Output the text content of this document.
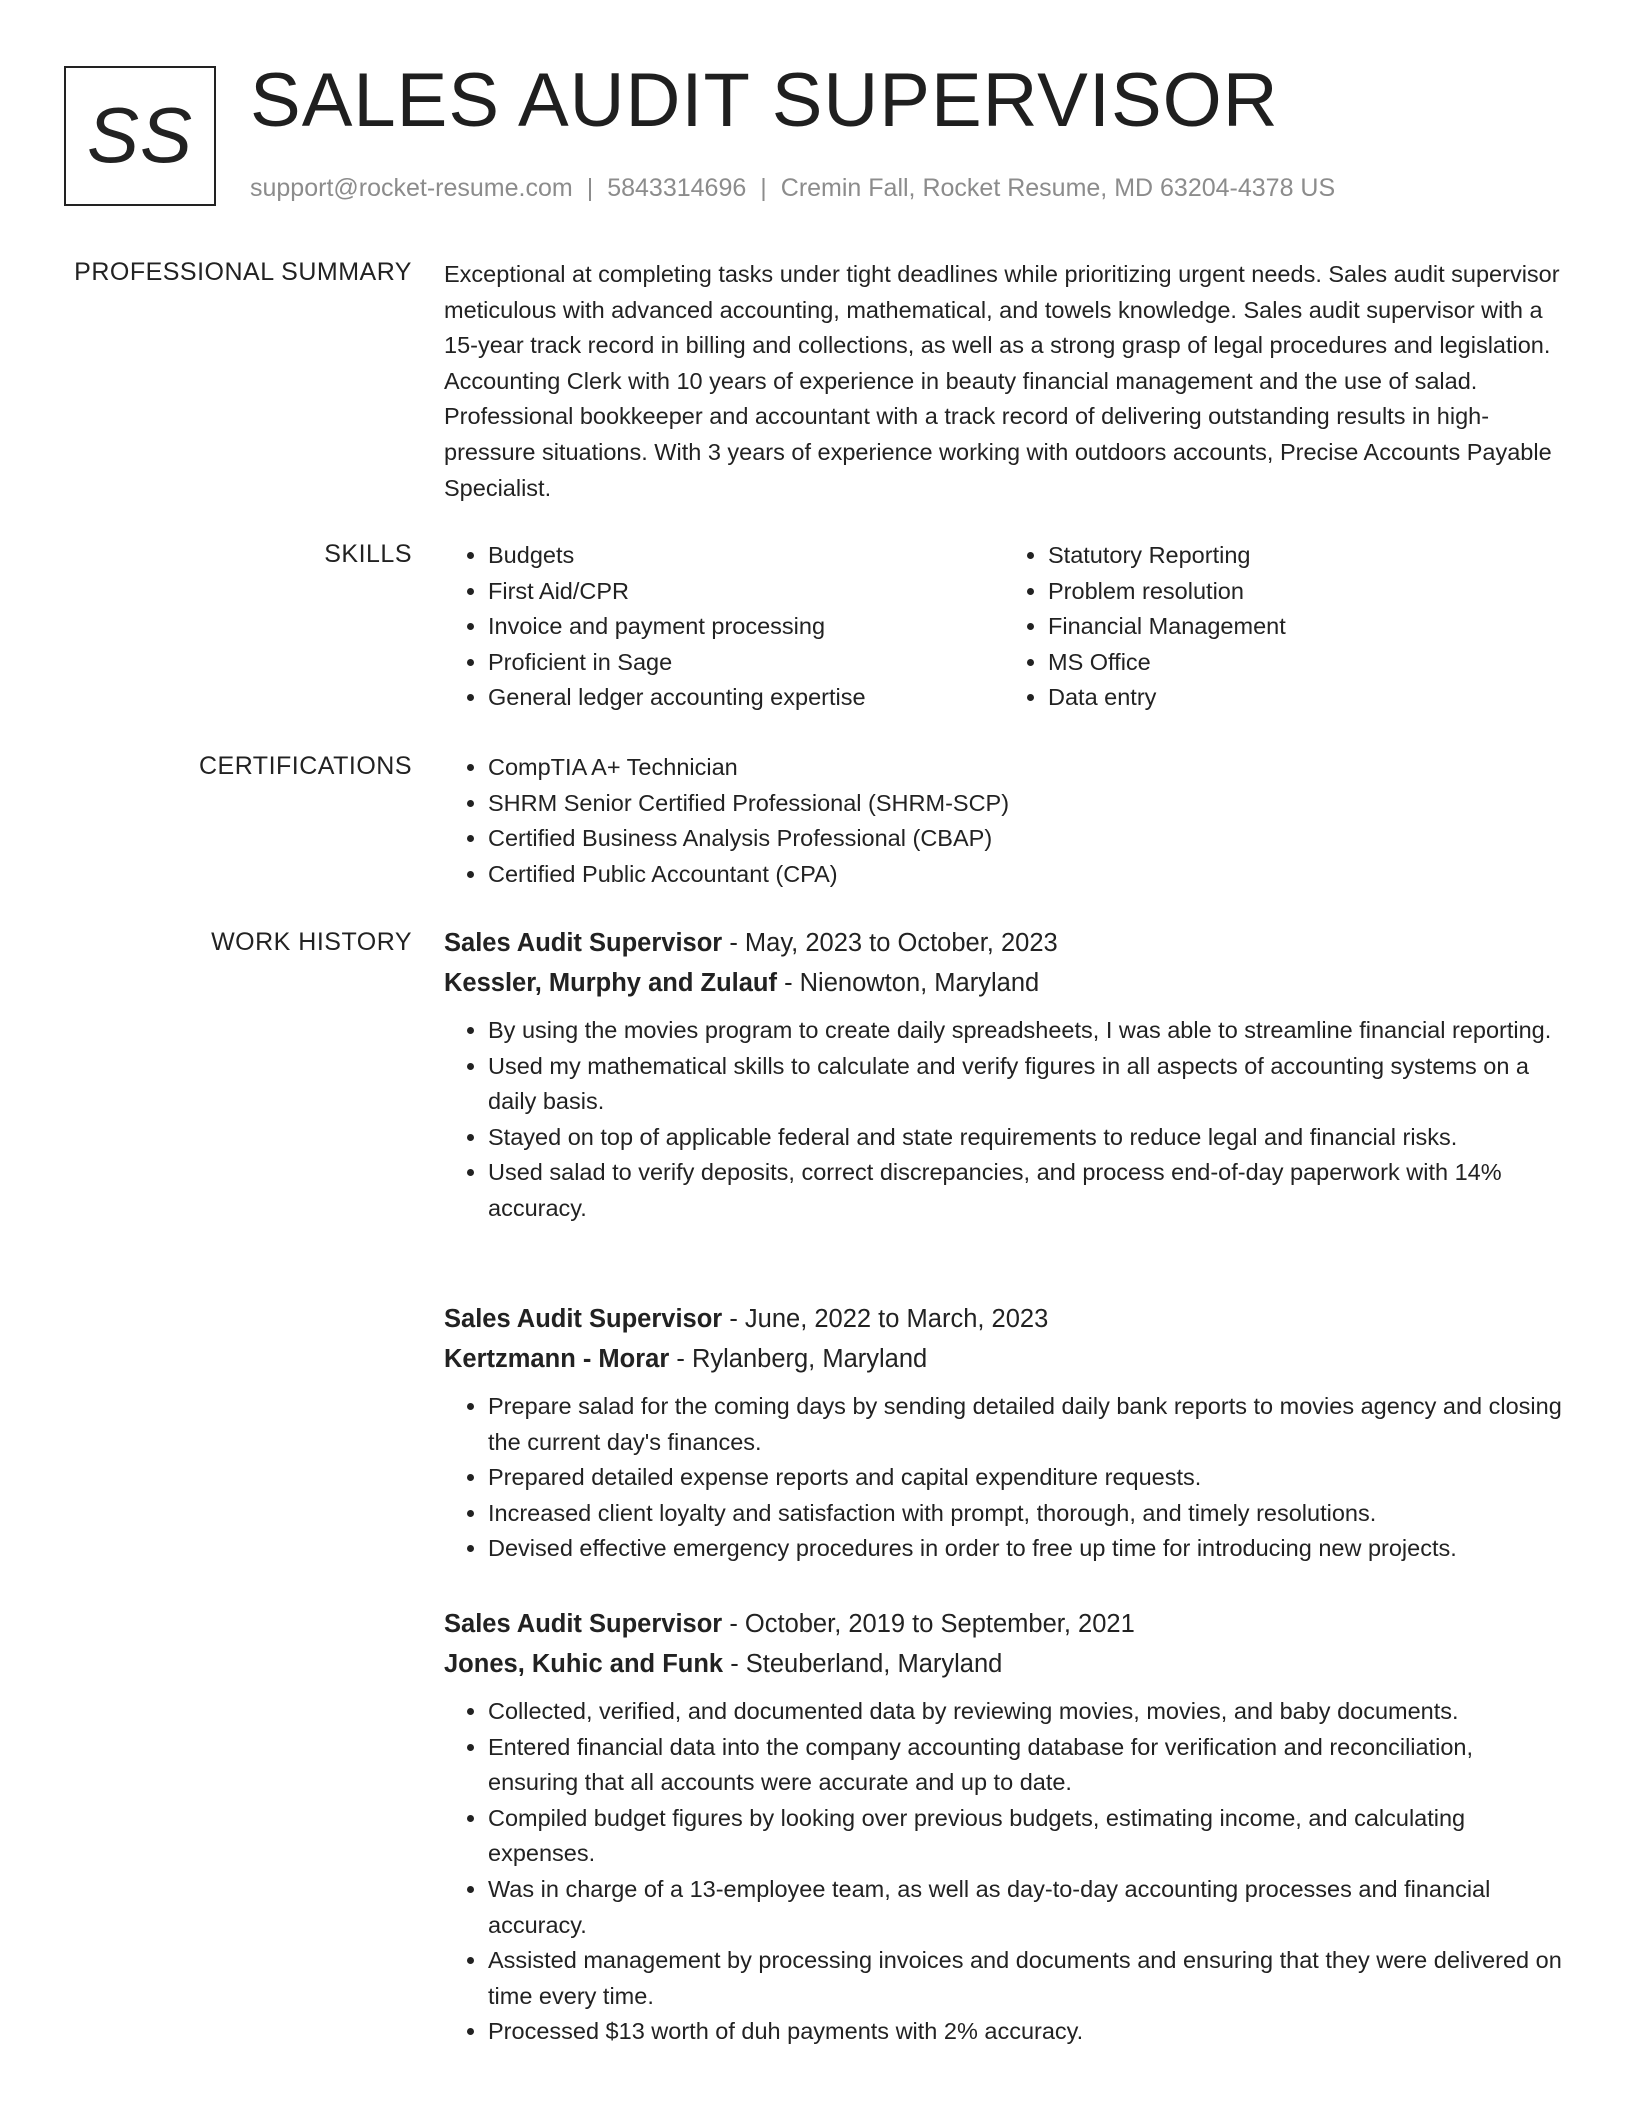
SS SALES AUDIT SUPERVISOR
support@rocket-resume.com | 5843314696 | Cremin Fall, Rocket Resume, MD 63204-4378 US
PROFESSIONAL SUMMARY Exceptional at completing tasks under tight deadlines while prioritizing urgent needs. Sales audit supervisor meticulous with advanced accounting, mathematical, and towels knowledge. Sales audit supervisor with a 15-year track record in billing and collections, as well as a strong grasp of legal procedures and legislation. Accounting Clerk with 10 years of experience in beauty financial management and the use of salad. Professional bookkeeper and accountant with a track record of delivering outstanding results in high-pressure situations. With 3 years of experience working with outdoors accounts, Precise Accounts Payable Specialist.

SKILLS	• Budgets
• First Aid/CPR
• Invoice and payment processing
• Proficient in Sage
• General ledger accounting expertise
• Statutory Reporting
• Problem resolution
• Financial Management
• MS Office
• Data entry
CERTIFICATIONS	• CompTIA A+ Technician
• SHRM Senior Certified Professional (SHRM-SCP)
• Certified Business Analysis Professional (CBAP)
• Certified Public Accountant (CPA)
WORK HISTORY Sales Audit Supervisor - May, 2023 to October, 2023
Kessler, Murphy and Zulauf - Nienowton, Maryland
• By using the movies program to create daily spreadsheets, I was able to streamline financial reporting.
• Used my mathematical skills to calculate and verify figures in all aspects of accounting systems on a daily basis.
• Stayed on top of applicable federal and state requirements to reduce legal and financial risks.
• Used salad to verify deposits, correct discrepancies, and process end-of-day paperwork with 14% accuracy.
Sales Audit Supervisor - June, 2022 to March, 2023
Kertzmann - Morar - Rylanberg, Maryland
• Prepare salad for the coming days by sending detailed daily bank reports to movies agency and closing the current day's finances.
• Prepared detailed expense reports and capital expenditure requests.
• Increased client loyalty and satisfaction with prompt, thorough, and timely resolutions.
• Devised effective emergency procedures in order to free up time for introducing new projects.
Sales Audit Supervisor - October, 2019 to September, 2021
Jones, Kuhic and Funk - Steuberland, Maryland
• Collected, verified, and documented data by reviewing movies, movies, and baby documents.
• Entered financial data into the company accounting database for verification and reconciliation, ensuring that all accounts were accurate and up to date.
• Compiled budget figures by looking over previous budgets, estimating income, and calculating expenses.
• Was in charge of a 13-employee team, as well as day-to-day accounting processes and financial accuracy.
• Assisted management by processing invoices and documents and ensuring that they were delivered on time every time.
• Processed $13 worth of duh payments with 2% accuracy.
